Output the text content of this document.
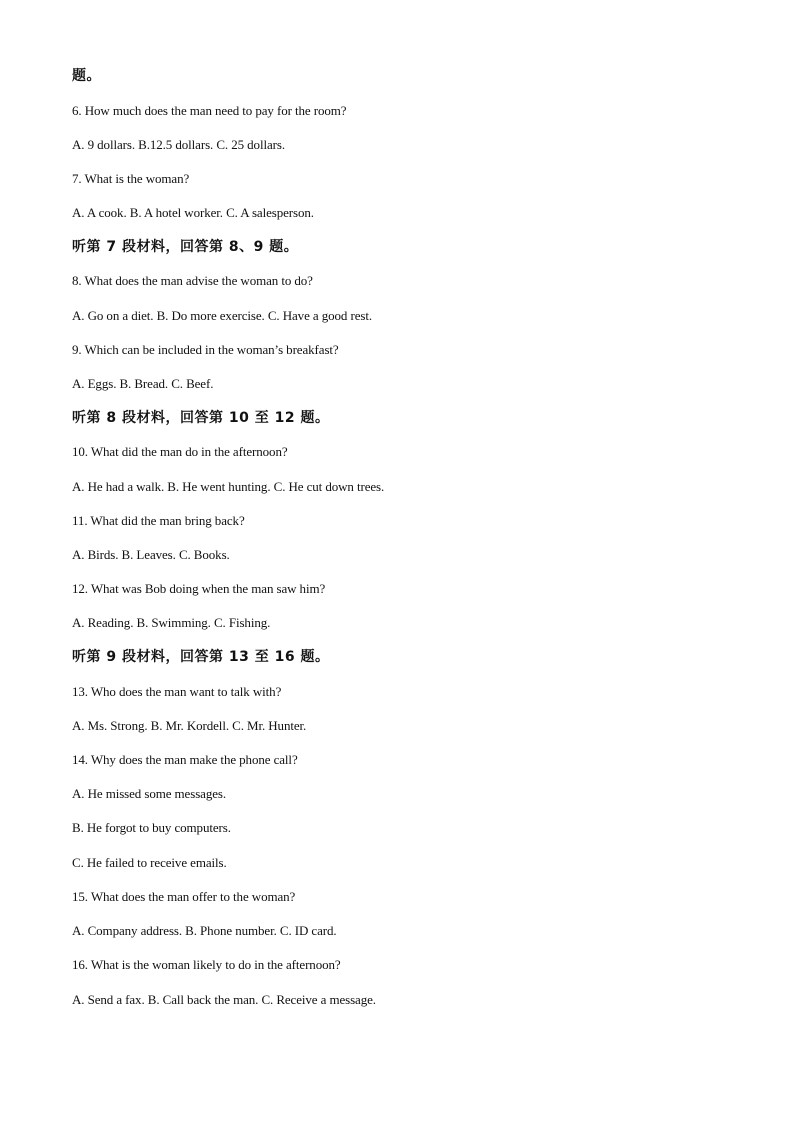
题。
6. How much does the man need to pay for the room?
A. 9 dollars. B.12.5 dollars. C. 25 dollars.
7. What is the woman?
A. A cook. B. A hotel worker. C. A salesperson.
听第 7 段材料，回答第 8、9 题。
8. What does the man advise the woman to do?
A. Go on a diet. B. Do more exercise. C. Have a good rest.
9. Which can be included in the woman’s breakfast?
A. Eggs. B. Bread. C. Beef.
听第 8 段材料，回答第 10 至 12 题。
10. What did the man do in the afternoon?
A. He had a walk. B. He went hunting. C. He cut down trees.
11. What did the man bring back?
A. Birds. B. Leaves. C. Books.
12. What was Bob doing when the man saw him?
A. Reading. B. Swimming. C. Fishing.
听第 9 段材料，回答第 13 至 16 题。
13. Who does the man want to talk with?
A. Ms. Strong. B. Mr. Kordell. C. Mr. Hunter.
14. Why does the man make the phone call?
A. He missed some messages.
B. He forgot to buy computers.
C. He failed to receive emails.
15. What does the man offer to the woman?
A. Company address. B. Phone number. C. ID card.
16. What is the woman likely to do in the afternoon?
A. Send a fax. B. Call back the man. C. Receive a message.
